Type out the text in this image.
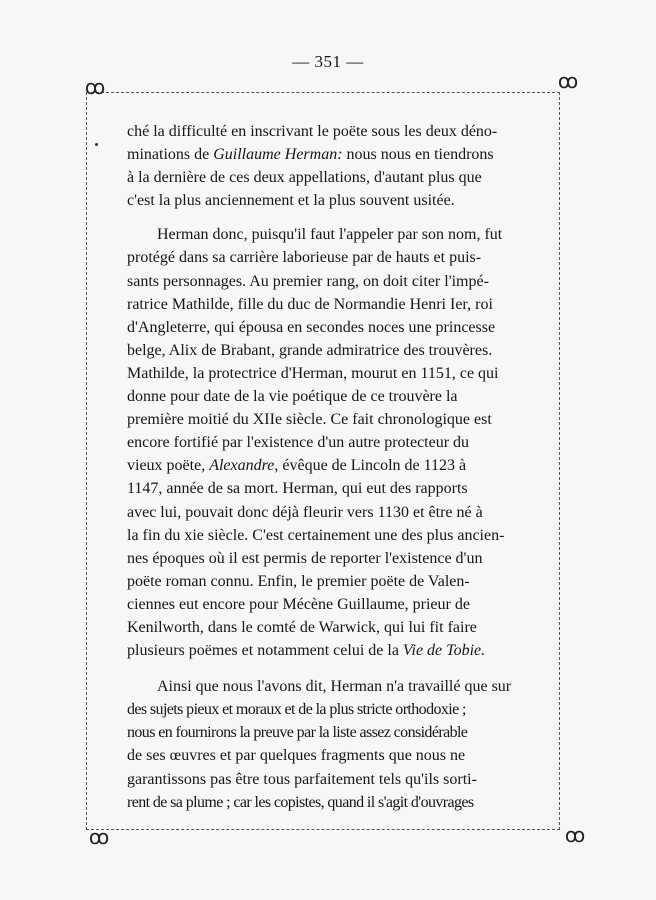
— 351 —
ꝏ	ꝏ
ꝏ	ꝏ

ché la difficulté en inscrivant le poëte sous les deux déno-

minations de Guillaume Herman: nous nous en tiendrons

à la dernière de ces deux appellations, d'autant plus que

c'est la plus anciennement et la plus souvent usitée.

Herman donc, puisqu'il faut l'appeler par son nom, fut

protégé dans sa carrière laborieuse par de hauts et puis-

sants personnages. Au premier rang, on doit citer l'impé-

ratrice Mathilde, fille du duc de Normandie Henri Ier, roi

d'Angleterre, qui épousa en secondes noces une princesse

belge, Alix de Brabant, grande admiratrice des trouvères.

Mathilde, la protectrice d'Herman, mourut en 1151, ce qui

donne pour date de la vie poétique de ce trouvère la

première moitié du XIIe siècle. Ce fait chronologique est

encore fortifié par l'existence d'un autre protecteur du

vieux poëte, Alexandre, évêque de Lincoln de 1123 à

1147, année de sa mort. Herman, qui eut des rapports

avec lui, pouvait donc déjà fleurir vers 1130 et être né à

la fin du xie siècle. C'est certainement une des plus ancien-

nes époques où il est permis de reporter l'existence d'un

poëte roman connu. Enfin, le premier poëte de Valen-

ciennes eut encore pour Mécène Guillaume, prieur de

Kenilworth, dans le comté de Warwick, qui lui fit faire

plusieurs poëmes et notamment celui de la Vie de Tobie.

Ainsi que nous l'avons dit, Herman n'a travaillé que sur

des sujets pieux et moraux et de la plus stricte orthodoxie ;

nous en fournirons la preuve par la liste assez considérable

de ses œuvres et par quelques fragments que nous ne

garantissons pas être tous parfaitement tels qu'ils sorti-

rent de sa plume ; car les copistes, quand il s'agit d'ouvrages
